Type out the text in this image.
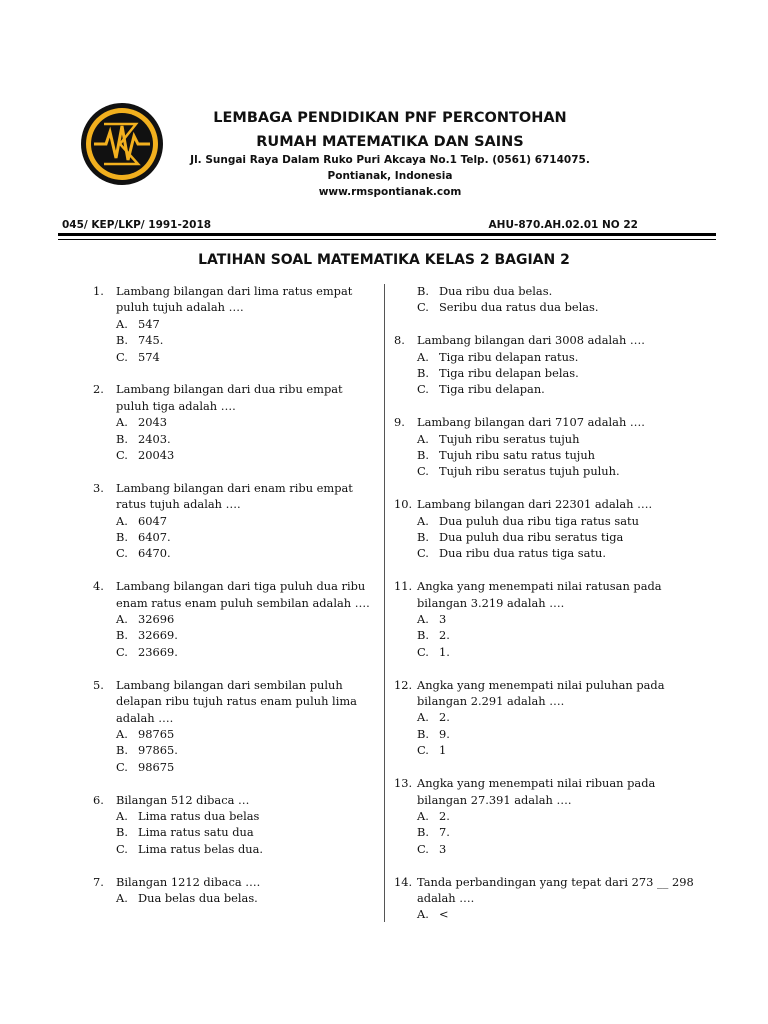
LEMBAGA PENDIDIKAN PNF PERCONTOHAN
RUMAH MATEMATIKA DAN SAINS
Jl. Sungai Raya Dalam Ruko Puri Akcaya No.1 Telp. (0561) 6714075.
Pontianak, Indonesia
www.rmspontianak.com
045/ KEP/LKP/ 1991-2018	AHU-870.AH.02.01 NO 22
LATIHAN SOAL MATEMATIKA KELAS 2 BAGIAN 2
1.	Lambang bilangan dari lima ratus empat puluh tujuh adalah ….
A. 547
B. 745.
C. 574
2.	Lambang bilangan dari dua ribu empat puluh tiga adalah ….
A. 2043
B. 2403.
C. 20043
3.	Lambang bilangan dari enam ribu empat ratus tujuh adalah ….
A. 6047
B. 6407.
C. 6470.
4.	Lambang bilangan dari tiga puluh dua ribu enam ratus enam puluh sembilan adalah ….
A. 32696
B. 32669.
C. 23669.
5.	Lambang bilangan dari sembilan puluh delapan ribu tujuh ratus enam puluh lima adalah ….
A. 98765
B. 97865.
C. 98675
6.	Bilangan 512 dibaca …
A. Lima ratus dua belas
B. Lima ratus satu dua
C. Lima ratus belas dua.
7.	Bilangan 1212 dibaca ….
A. Dua belas dua belas.
B. Dua ribu dua belas.
C. Seribu dua ratus dua belas.
8.	Lambang bilangan dari 3008 adalah ….
A. Tiga ribu delapan ratus.
B. Tiga ribu delapan belas.
C. Tiga ribu delapan.
9.	Lambang bilangan dari 7107 adalah ….
A. Tujuh ribu seratus tujuh
B. Tujuh ribu satu ratus tujuh
C. Tujuh ribu seratus tujuh puluh.
10. Lambang bilangan dari 22301 adalah ….
A. Dua puluh dua ribu tiga ratus satu
B. Dua puluh dua ribu seratus tiga
C. Dua ribu dua ratus tiga satu.
11. Angka yang menempati nilai ratusan pada bilangan 3.219 adalah ….
A. 3
B. 2.
C. 1.
12. Angka yang menempati nilai puluhan pada bilangan 2.291 adalah ….
A. 2.
B. 9.
C. 1
13. Angka yang menempati nilai ribuan pada bilangan 27.391 adalah ….
A. 2.
B. 7.
C. 3
14. Tanda perbandingan yang tepat dari 273 __ 298 adalah ….
A. <
